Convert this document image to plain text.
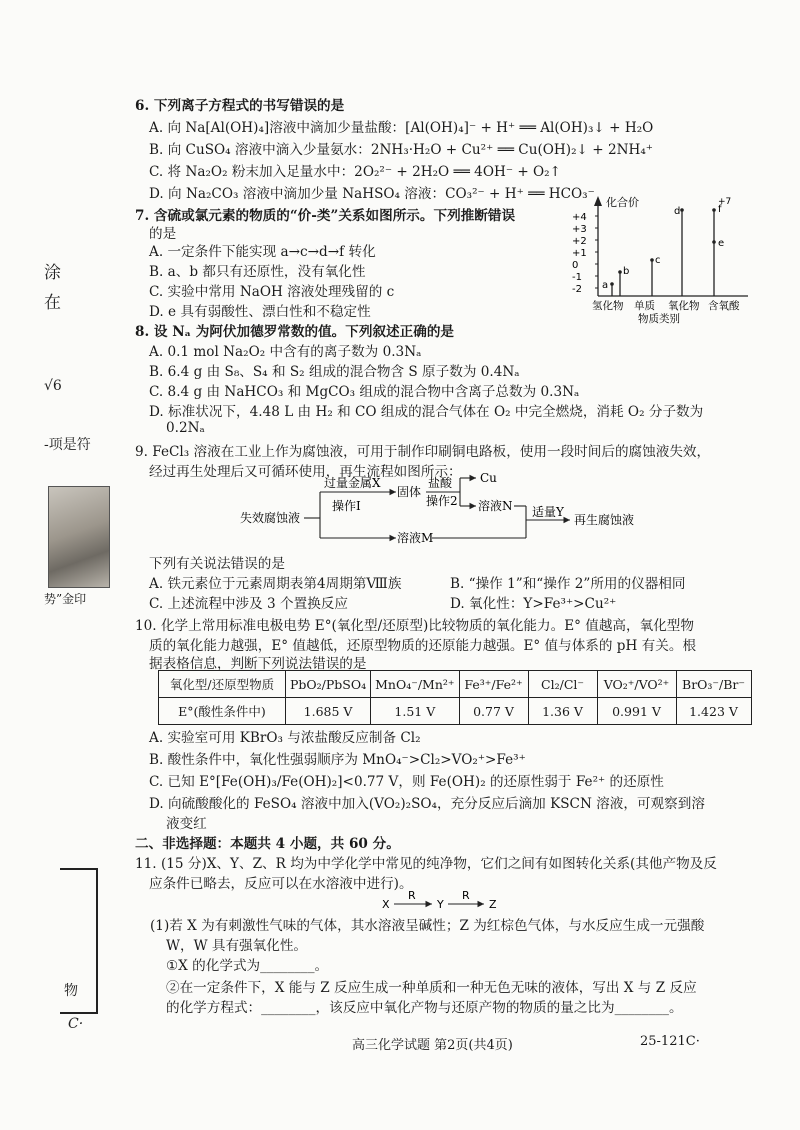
涂
在
√6
-项是符
势”金印
物
C·
6. 下列离子方程式的书写错误的是
A. 向 Na[Al(OH)₄]溶液中滴加少量盐酸：[Al(OH)₄]⁻ + H⁺ ══ Al(OH)₃↓ + H₂O
B. 向 CuSO₄ 溶液中滴入少量氨水：2NH₃·H₂O + Cu²⁺ ══ Cu(OH)₂↓ + 2NH₄⁺
C. 将 Na₂O₂ 粉末加入足量水中：2O₂²⁻ + 2H₂O ══ 4OH⁻ + O₂↑
D. 向 Na₂CO₃ 溶液中滴加少量 NaHSO₄ 溶液：CO₃²⁻ + H⁺ ══ HCO₃⁻
7. 含硫或氯元素的物质的“价-类”关系如图所示。下列推断错误
的是
A. 一定条件下能实现 a→c→d→f 转化
B. a、b 都只有还原性，没有氧化性
C. 实验中常用 NaOH 溶液处理残留的 c
D. e 具有弱酸性、漂白性和不稳定性
化合价
+4
+3
+2
+1
0
-1
-2
+7
a
b
c
d
e
f
氢化物 单质 氧化物 含氧酸
物质类别
8. 设 Nₐ 为阿伏加德罗常数的值。下列叙述正确的是
A. 0.1 mol Na₂O₂ 中含有的离子数为 0.3Nₐ
B. 6.4 g 由 S₈、S₄ 和 S₂ 组成的混合物含 S 原子数为 0.4Nₐ
C. 8.4 g 由 NaHCO₃ 和 MgCO₃ 组成的混合物中含离子总数为 0.3Nₐ
D. 标准状况下，4.48 L 由 H₂ 和 CO 组成的混合气体在 O₂ 中完全燃烧，消耗 O₂ 分子数为
0.2Nₐ
9. FeCl₃ 溶液在工业上作为腐蚀液，可用于制作印刷铜电路板，使用一段时间后的腐蚀液失效，
经过再生处理后又可循环使用，再生流程如图所示：
失效腐蚀液
过量金属X
操作Ⅰ
固体
盐酸
操作2
Cu
溶液N
溶液M
适量Y
再生腐蚀液
下列有关说法错误的是
A. 铁元素位于元素周期表第4周期第Ⅷ族	B. “操作 1”和“操作 2”所用的仪器相同
C. 上述流程中涉及 3 个置换反应	D. 氧化性：Y>Fe³⁺>Cu²⁺
10. 化学上常用标准电极电势 E°(氧化型/还原型)比较物质的氧化能力。E° 值越高，氧化型物
质的氧化能力越强，E° 值越低，还原型物质的还原能力越强。E° 值与体系的 pH 有关。根
据表格信息，判断下列说法错误的是
氧化型/还原型物质	PbO₂/PbSO₄	MnO₄⁻/Mn²⁺	Fe³⁺/Fe²⁺	Cl₂/Cl⁻	VO₂⁺/VO²⁺	BrO₃⁻/Br⁻
E°(酸性条件中)	1.685 V	1.51 V	0.77 V	1.36 V	0.991 V	1.423 V
A. 实验室可用 KBrO₃ 与浓盐酸反应制备 Cl₂
B. 酸性条件中，氧化性强弱顺序为 MnO₄⁻>Cl₂>VO₂⁺>Fe³⁺
C. 已知 E°[Fe(OH)₃/Fe(OH)₂]<0.77 V，则 Fe(OH)₂ 的还原性弱于 Fe²⁺ 的还原性
D. 向硫酸酸化的 FeSO₄ 溶液中加入(VO₂)₂SO₄，充分反应后滴加 KSCN 溶液，可观察到溶
液变红
二、非选择题：本题共 4 小题，共 60 分。
11. (15 分)X、Y、Z、R 均为中学化学中常见的纯净物，它们之间有如图转化关系(其他产物及反
应条件已略去，反应可以在水溶液中进行)。
X
R
Y
R
Z
(1)若 X 为有刺激性气味的气体，其水溶液呈碱性；Z 为红棕色气体，与水反应生成一元强酸
W，W 具有强氧化性。
①X 的化学式为________。
②在一定条件下，X 能与 Z 反应生成一种单质和一种无色无味的液体，写出 X 与 Z 反应
的化学方程式：________，该反应中氧化产物与还原产物的物质的量之比为________。
高三化学试题 第2页(共4页)	25-121C·
